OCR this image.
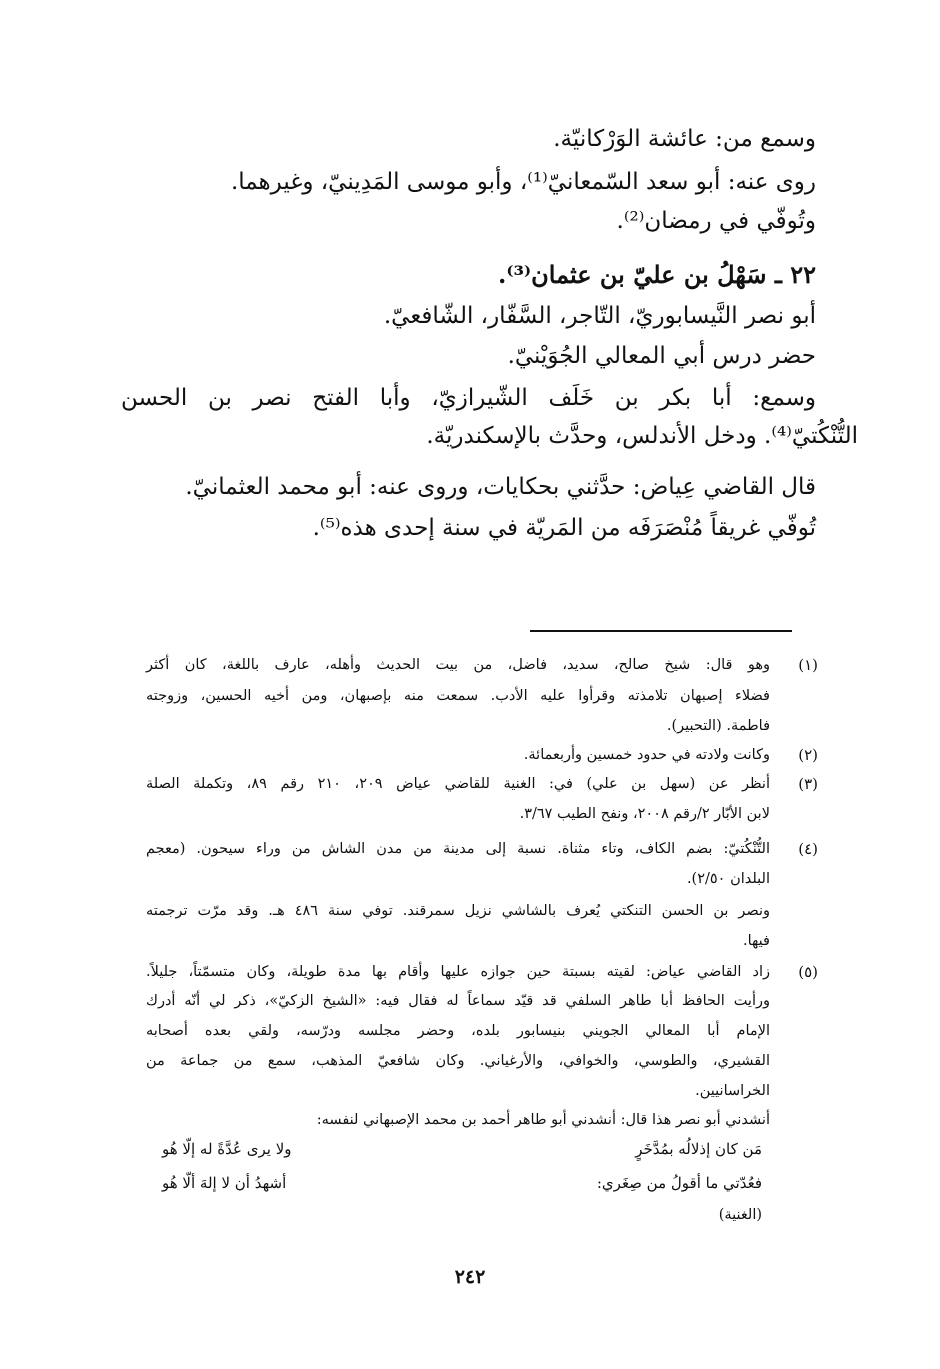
وسمع من: عائشة الوَرْكانيّة.
روى عنه: أبو سعد السّمعانيّ⁽¹⁾، وأبو موسى المَدِينيّ، وغيرهما.
وتُوفّي في رمضان⁽²⁾.
٢٢ ـ سَهْلُ بن عليّ بن عثمان⁽³⁾.
أبو نصر النَّيسابوريّ، التّاجر، السَّفّار، الشّافعيّ.
حضر درس أبي المعالي الجُوَيْنيّ.
وسمع: أبا بكر بن خَلَف الشّيرازيّ، وأبا الفتح نصر بن الحسن
التُّنْكُتيّ⁽⁴⁾. ودخل الأندلس، وحدَّث بالإسكندريّة.
قال القاضي عِياض: حدَّثني بحكايات، وروى عنه: أبو محمد العثمانيّ.
تُوفّي غريقاً مُنْصَرَفَه من المَريّة في سنة إحدى هذه⁽⁵⁾.
(١)
وهو قال: شيخ صالح، سديد، فاضل، من بيت الحديث وأهله، عارف باللغة، كان أكثر
فضلاء إصبهان تلامذته وقرأوا عليه الأدب. سمعت منه بإصبهان، ومن أخيه الحسين، وزوجته
فاطمة. (التحبير).
(٢)
وكانت ولادته في حدود خمسين وأربعمائة.
(٣)
أنظر عن (سهل بن علي) في: الغنية للقاضي عياض ٢٠٩، ٢١٠ رقم ٨٩، وتكملة الصلة
لابن الأبّار ٢/رقم ٢٠٠٨، ونفح الطيب ٣/٦٧.
(٤)
التُّنْكُتيّ: بضم الكاف، وتاء مثناة. نسبة إلى مدينة من مدن الشاش من وراء سيحون. (معجم
البلدان ٢/٥٠).
ونصر بن الحسن التنكتي يُعرف بالشاشي نزيل سمرقند. توفي سنة ٤٨٦ هـ. وقد مرّت ترجمته
فيها.
(٥)
زاد القاضي عياض: لقيته بسبتة حين جوازه عليها وأقام بها مدة طويلة، وكان متسمّتاً، جليلاً.
ورأيت الحافظ أبا طاهر السلفي قد قيّد سماعاً له فقال فيه: «الشيخ الزكيّ»، ذكر لي أنّه أدرك
الإمام أبا المعالي الجويني بنيسابور بلده، وحضر مجلسه ودرّسه، ولقي بعده أصحابه
القشيري، والطوسي، والخوافي، والأرغياني. وكان شافعيّ المذهب، سمع من جماعة من
الخراسانيين.
أنشدني أبو نصر هذا قال: أنشدني أبو طاهر أحمد بن محمد الإصبهاني لنفسه:
مَن كان إذلالُه بمُدَّخَرٍ
ولا يرى عُدَّةً له إلّا هُو
فعُدّتي ما أقولُ من صِغَري:
أشهدُ أن لا إلهَ ألّا هُو
(الغنية)
٢٤٢
